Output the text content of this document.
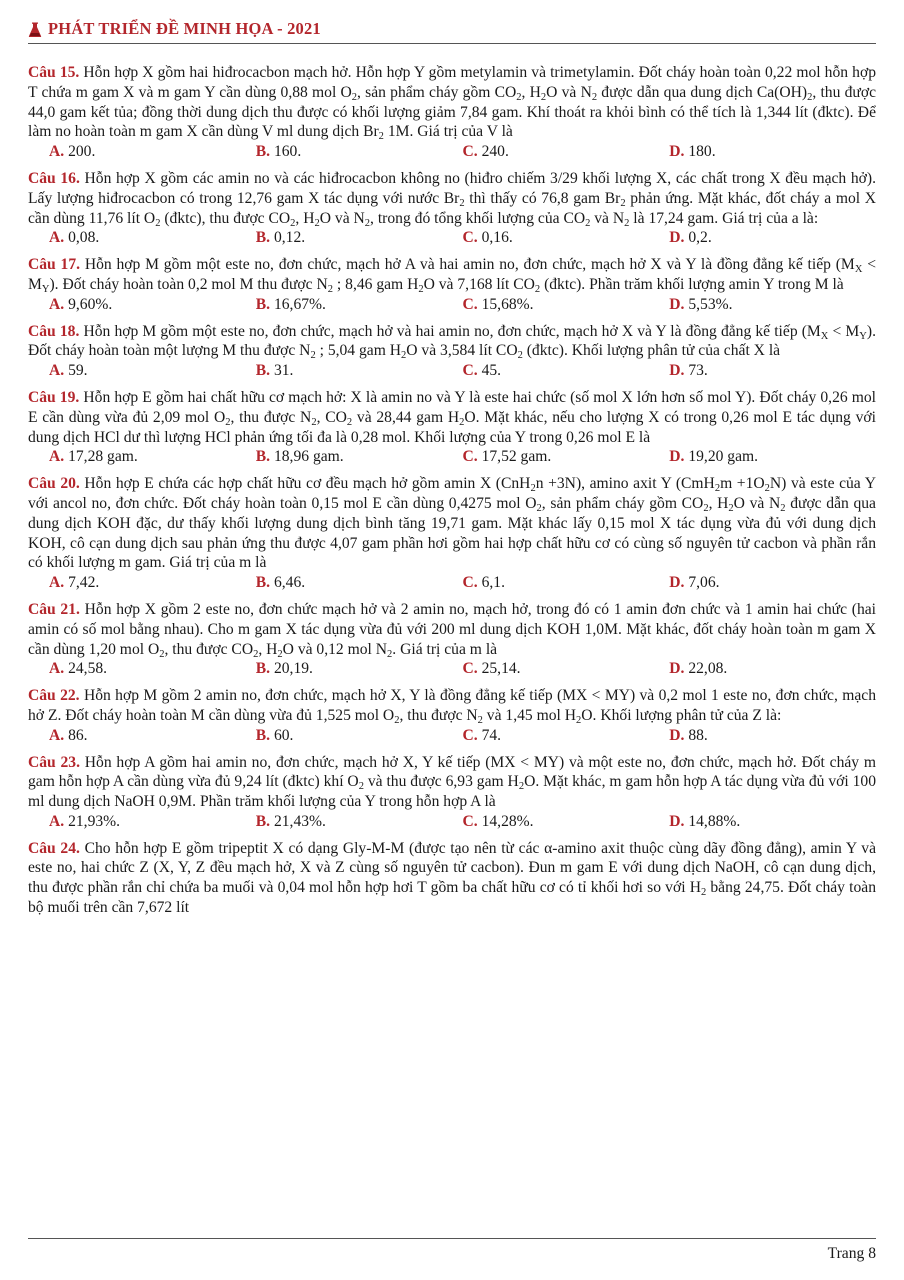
PHÁT TRIỂN ĐỀ MINH HỌA - 2021
Câu 15. Hỗn hợp X gồm hai hiđrocacbon mạch hở. Hỗn hợp Y gồm metylamin và trimetylamin. Đốt cháy hoàn toàn 0,22 mol hỗn hợp T chứa m gam X và m gam Y cần dùng 0,88 mol $O_2$, sản phẩm cháy gồm $CO_2$, $H_2O$ và $N_2$ được dẫn qua dung dịch $Ca(OH)_2$, thu được 44,0 gam kết tủa; đồng thời dung dịch thu được có khối lượng giảm 7,84 gam. Khí thoát ra khỏi bình có thể tích là 1,344 lít (đktc). Để làm no hoàn toàn m gam X cần dùng V ml dung dịch $Br_2$ 1M. Giá trị của V là
A. 200.	B. 160.	C. 240.	D. 180.
Câu 16. Hỗn hợp X gồm các amin no và các hiđrocacbon không no (hiđro chiếm 3/29 khối lượng X, các chất trong X đều mạch hở). Lấy lượng hiđrocacbon có trong 12,76 gam X tác dụng với nước $Br_2$ thì thấy có 76,8 gam $Br_2$ phản ứng. Mặt khác, đốt cháy a mol X cần dùng 11,76 lít $O_2$ (đktc), thu được $CO_2$, $H_2O$ và $N_2$, trong đó tổng khối lượng của $CO_2$ và $N_2$ là 17,24 gam. Giá trị của a là:
A. 0,08.	B. 0,12.	C. 0,16.	D. 0,2.
Câu 17. Hỗn hợp M gồm một este no, đơn chức, mạch hở A và hai amin no, đơn chức, mạch hở X và Y là đồng đẳng kế tiếp $(M_X < M_Y)$. Đốt cháy hoàn toàn 0,2 mol M thu được $N_2$ ; 8,46 gam $H_2O$ và 7,168 lít $CO_2$ (đktc). Phần trăm khối lượng amin Y trong M là
A. 9,60%.	B. 16,67%.	C. 15,68%.	D. 5,53%.
Câu 18. Hỗn hợp M gồm một este no, đơn chức, mạch hở và hai amin no, đơn chức, mạch hở X và Y là đồng đẳng kế tiếp $(M_X < M_Y)$. Đốt cháy hoàn toàn một lượng M thu được $N_2$ ; 5,04 gam $H_2O$ và 3,584 lít $CO_2$ (đktc). Khối lượng phân tử của chất X là
A. 59.	B. 31.	C. 45.	D. 73.
Câu 19. Hỗn hợp E gồm hai chất hữu cơ mạch hở: X là amin no và Y là este hai chức (số mol X lớn hơn số mol Y). Đốt cháy 0,26 mol E cần dùng vừa đủ 2,09 mol $O_2$, thu được $N_2$, $CO_2$ và 28,44 gam $H_2O$. Mặt khác, nếu cho lượng X có trong 0,26 mol E tác dụng với dung dịch HCl dư thì lượng HCl phản ứng tối đa là 0,28 mol. Khối lượng của Y trong 0,26 mol E là
A. 17,28 gam.	B. 18,96 gam.	C. 17,52 gam.	D. 19,20 gam.
Câu 20. Hỗn hợp E chứa các hợp chất hữu cơ đều mạch hở gồm amin X (CnH$_2$n +3N), amino axit Y $(CmH_2m +1O_2N)$ và este của Y với ancol no, đơn chức. Đốt cháy hoàn toàn 0,15 mol E cần dùng 0,4275 mol $O_2$, sản phẩm cháy gồm $CO_2$, $H_2O$ và $N_2$ được dẫn qua dung dịch KOH đặc, dư thấy khối lượng dung dịch bình tăng 19,71 gam. Mặt khác lấy 0,15 mol X tác dụng vừa đủ với dung dịch KOH, cô cạn dung dịch sau phản ứng thu được 4,07 gam phần hơi gồm hai hợp chất hữu cơ có cùng số nguyên tử cacbon và phần rắn có khối lượng m gam. Giá trị của m là
A. 7,42.	B. 6,46.	C. 6,1.	D. 7,06.
Câu 21. Hỗn hợp X gồm 2 este no, đơn chức mạch hở và 2 amin no, mạch hở, trong đó có 1 amin đơn chức và 1 amin hai chức (hai amin có số mol bằng nhau). Cho m gam X tác dụng vừa đủ với 200 ml dung dịch KOH 1,0M. Mặt khác, đốt cháy hoàn toàn m gam X cần dùng 1,20 mol $O_2$, thu được $CO_2$, $H_2O$ và 0,12 mol $N_2$. Giá trị của m là
A. 24,58.	B. 20,19.	C. 25,14.	D. 22,08.
Câu 22. Hỗn hợp M gồm 2 amin no, đơn chức, mạch hở X, Y là đồng đẳng kế tiếp (MX < MY) và 0,2 mol 1 este no, đơn chức, mạch hở Z. Đốt cháy hoàn toàn M cần dùng vừa đủ 1,525 mol $O_2$, thu được $N_2$ và 1,45 mol $H_2O$. Khối lượng phân tử của Z là:
A. 86.	B. 60.	C. 74.	D. 88.
Câu 23. Hỗn hợp A gồm hai amin no, đơn chức, mạch hở X, Y kế tiếp (MX < MY) và một este no, đơn chức, mạch hở. Đốt cháy m gam hỗn hợp A cần dùng vừa đủ 9,24 lít (đktc) khí $O_2$ và thu được 6,93 gam $H_2O$. Mặt khác, m gam hỗn hợp A tác dụng vừa đủ với 100 ml dung dịch NaOH 0,9M. Phần trăm khối lượng của Y trong hỗn hợp A là
A. 21,93%.	B. 21,43%.	C. 14,28%.	D. 14,88%.
Câu 24. Cho hỗn hợp E gồm tripeptit X có dạng Gly-M-M (được tạo nên từ các α-amino axit thuộc cùng dãy đồng đẳng), amin Y và este no, hai chức Z (X, Y, Z đều mạch hở, X và Z cùng số nguyên tử cacbon). Đun m gam E với dung dịch NaOH, cô cạn dung dịch, thu được phần rắn chỉ chứa ba muối và 0,04 mol hỗn hợp hơi T gồm ba chất hữu cơ có tỉ khối hơi so với $H_2$ bằng 24,75. Đốt cháy toàn bộ muối trên cần 7,672 lít
Trang 8
